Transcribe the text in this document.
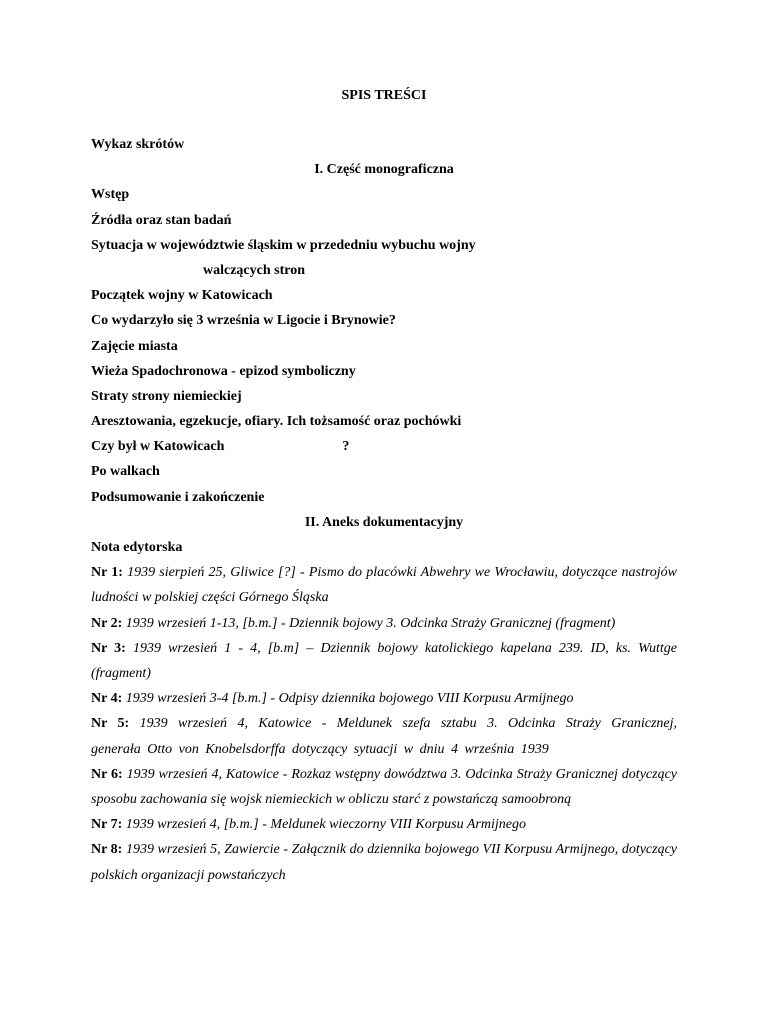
SPIS TREŚCI
Wykaz skrótów
I. Część monograficzna
Wstęp
Źródła oraz stan badań
Sytuacja w województwie śląskim w przededniu wybuchu wojny
walczących stron
Początek wojny w Katowicach
Co wydarzyło się 3 września w Ligocie i Brynowie?
Zajęcie miasta
Wieża Spadochronowa - epizod symboliczny
Straty strony niemieckiej
Aresztowania, egzekucje, ofiary. Ich tożsamość oraz pochówki
Czy był w Katowicach	?
Po walkach
Podsumowanie i zakończenie
II. Aneks dokumentacyjny
Nota edytorska
Nr 1: 1939 sierpień 25, Gliwice [?] - Pismo do placówki Abwehry we Wrocławiu, dotyczące nastrojów ludności w polskiej części Górnego Śląska
Nr 2: 1939 wrzesień 1-13, [b.m.] - Dziennik bojowy 3. Odcinka Straży Granicznej (fragment)
Nr 3: 1939 wrzesień 1 - 4, [b.m] – Dziennik bojowy katolickiego kapelana 239. ID, ks. Wuttge (fragment)
Nr 4: 1939 wrzesień 3-4 [b.m.] - Odpisy dziennika bojowego VIII Korpusu Armijnego
Nr 5: 1939 wrzesień 4, Katowice - Meldunek szefa sztabu 3. Odcinka Straży Granicznej, generała Otto von Knobelsdorffa dotyczący sytuacji w dniu 4 września 1939
Nr 6: 1939 wrzesień 4, Katowice - Rozkaz wstępny dowództwa 3. Odcinka Straży Granicznej dotyczący sposobu zachowania się wojsk niemieckich w obliczu starć z powstańczą samoobroną
Nr 7: 1939 wrzesień 4, [b.m.] - Meldunek wieczorny VIII Korpusu Armijnego
Nr 8: 1939 wrzesień 5, Zawiercie - Załącznik do dziennika bojowego VII Korpusu Armijnego, dotyczący polskich organizacji powstańczych
